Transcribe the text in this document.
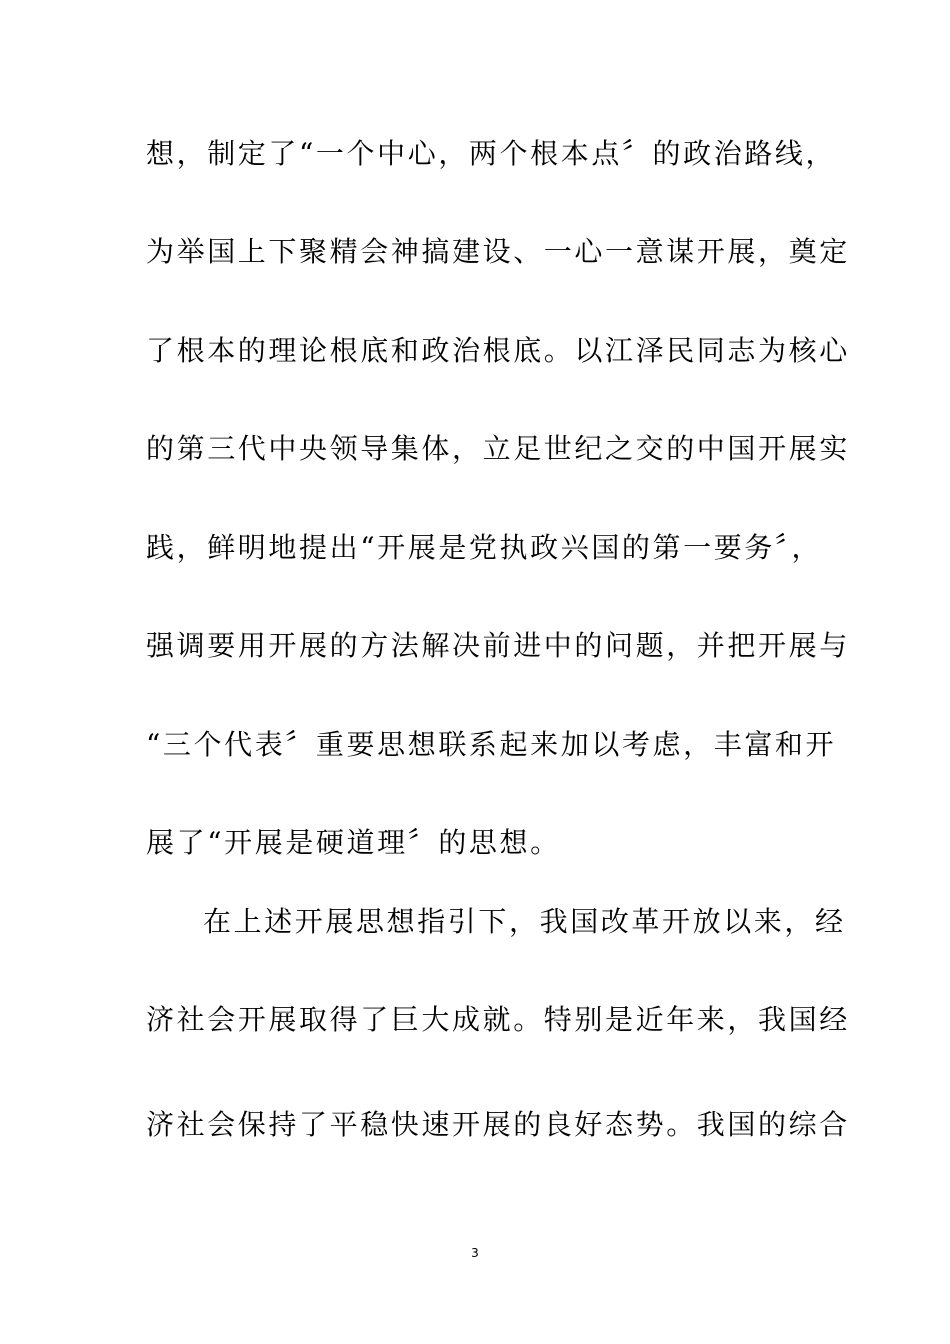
想，制定了“一个中心，两个根本点〞的政治路线，
为举国上下聚精会神搞建设、一心一意谋开展，奠定
了根本的理论根底和政治根底。以江泽民同志为核心
的第三代中央领导集体，立足世纪之交的中国开展实
践，鲜明地提出“开展是党执政兴国的第一要务〞，
强调要用开展的方法解决前进中的问题，并把开展与
“三个代表〞重要思想联系起来加以考虑，丰富和开
展了“开展是硬道理〞的思想。
在上述开展思想指引下，我国改革开放以来，经
济社会开展取得了巨大成就。特别是近年来，我国经
济社会保持了平稳快速开展的良好态势。我国的综合
3
